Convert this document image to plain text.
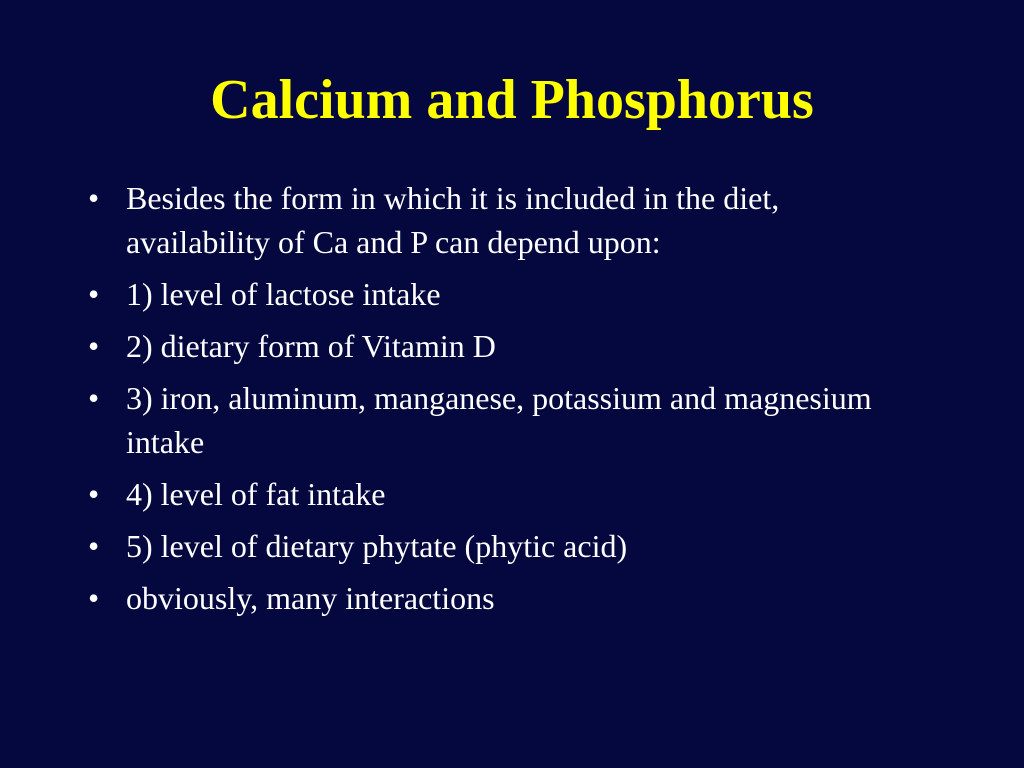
Calcium and Phosphorus
• Besides the form in which it is included in the diet, availability of Ca and P can depend upon:
• 1) level of lactose intake
• 2) dietary form of Vitamin D
• 3) iron, aluminum, manganese, potassium and magnesium intake
• 4) level of fat intake
• 5) level of dietary phytate (phytic acid)
• obviously, many interactions
